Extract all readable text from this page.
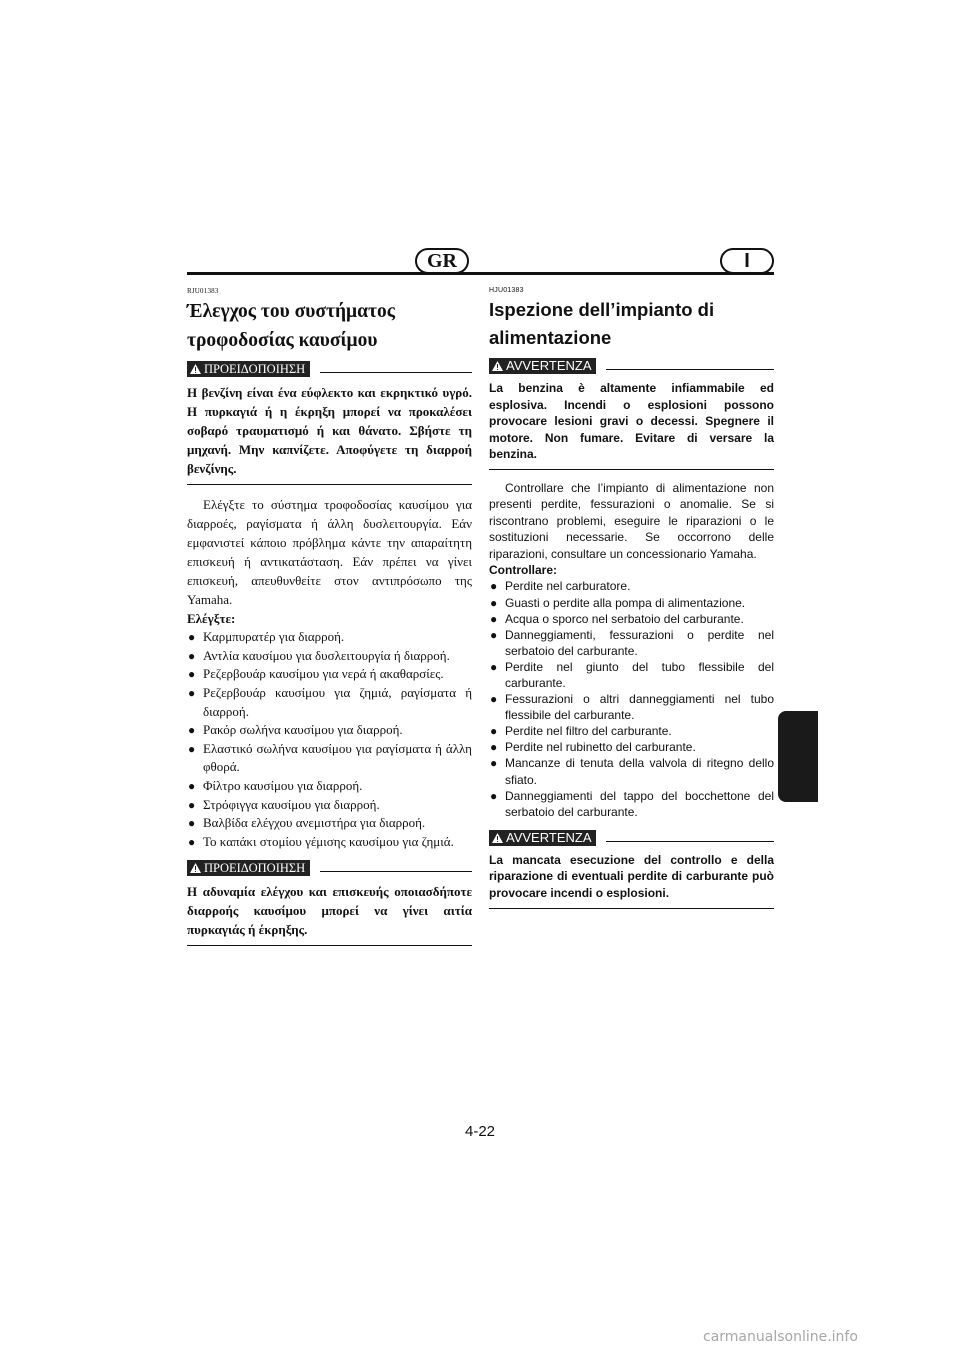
GR	I
RJU01383
Έλεγχος του συστήματος τροφοδοσίας καυσίμου
ΠΡΟΕΙΔΟΠΟΙΗΣΗ
Η βενζίνη είναι ένα εύφλεκτο και εκρηκτικό υγρό. Η πυρκαγιά ή η έκρηξη μπορεί να προκαλέσει σοβαρό τραυματισμό ή και θάνατο. Σβήστε τη μηχανή. Μην καπνίζετε. Αποφύγετε τη διαρροή βενζίνης.
Ελέγξτε το σύστημα τροφοδοσίας καυσίμου για διαρροές, ραγίσματα ή άλλη δυσλειτουργία. Εάν εμφανιστεί κάποιο πρόβλημα κάντε την απαραίτητη επισκευή ή αντικατάσταση. Εάν πρέπει να γίνει επισκευή, απευθυνθείτε στον αντιπρόσωπο της Yamaha.
Ελέγξτε:
● Καρμπυρατέρ για διαρροή.
● Αντλία καυσίμου για δυσλειτουργία ή διαρροή.
● Ρεζερβουάρ καυσίμου για νερά ή ακαθαρσίες.
● Ρεζερβουάρ καυσίμου για ζημιά, ραγίσματα ή διαρροή.
● Ρακόρ σωλήνα καυσίμου για διαρροή.
● Ελαστικό σωλήνα καυσίμου για ραγίσματα ή άλλη φθορά.
● Φίλτρο καυσίμου για διαρροή.
● Στρόφιγγα καυσίμου για διαρροή.
● Βαλβίδα ελέγχου ανεμιστήρα για διαρροή.
● Το καπάκι στομίου γέμισης καυσίμου για ζημιά.
ΠΡΟΕΙΔΟΠΟΙΗΣΗ
Η αδυναμία ελέγχου και επισκευής οποιασδήποτε διαρροής καυσίμου μπορεί να γίνει αιτία πυρκαγιάς ή έκρηξης.
HJU01383
Ispezione dell’impianto di alimentazione
AVVERTENZA
La benzina è altamente infiammabile ed esplosiva. Incendi o esplosioni possono provocare lesioni gravi o decessi. Spegnere il motore. Non fumare. Evitare di versare la benzina.
Controllare che l’impianto di alimentazione non presenti perdite, fessurazioni o anomalie. Se si riscontrano problemi, eseguire le riparazioni o le sostituzioni necessarie. Se occorrono delle riparazioni, consultare un concessionario Yamaha.
Controllare:
● Perdite nel carburatore.
● Guasti o perdite alla pompa di alimentazione.
● Acqua o sporco nel serbatoio del carburante.
● Danneggiamenti, fessurazioni o perdite nel serbatoio del carburante.
● Perdite nel giunto del tubo flessibile del carburante.
● Fessurazioni o altri danneggiamenti nel tubo flessibile del carburante.
● Perdite nel filtro del carburante.
● Perdite nel rubinetto del carburante.
● Mancanze di tenuta della valvola di ritegno dello sfiato.
● Danneggiamenti del tappo del bocchettone del serbatoio del carburante.
AVVERTENZA
La mancata esecuzione del controllo e della riparazione di eventuali perdite di carburante può provocare incendi o esplosioni.
4-22
carmanualsonline.info
